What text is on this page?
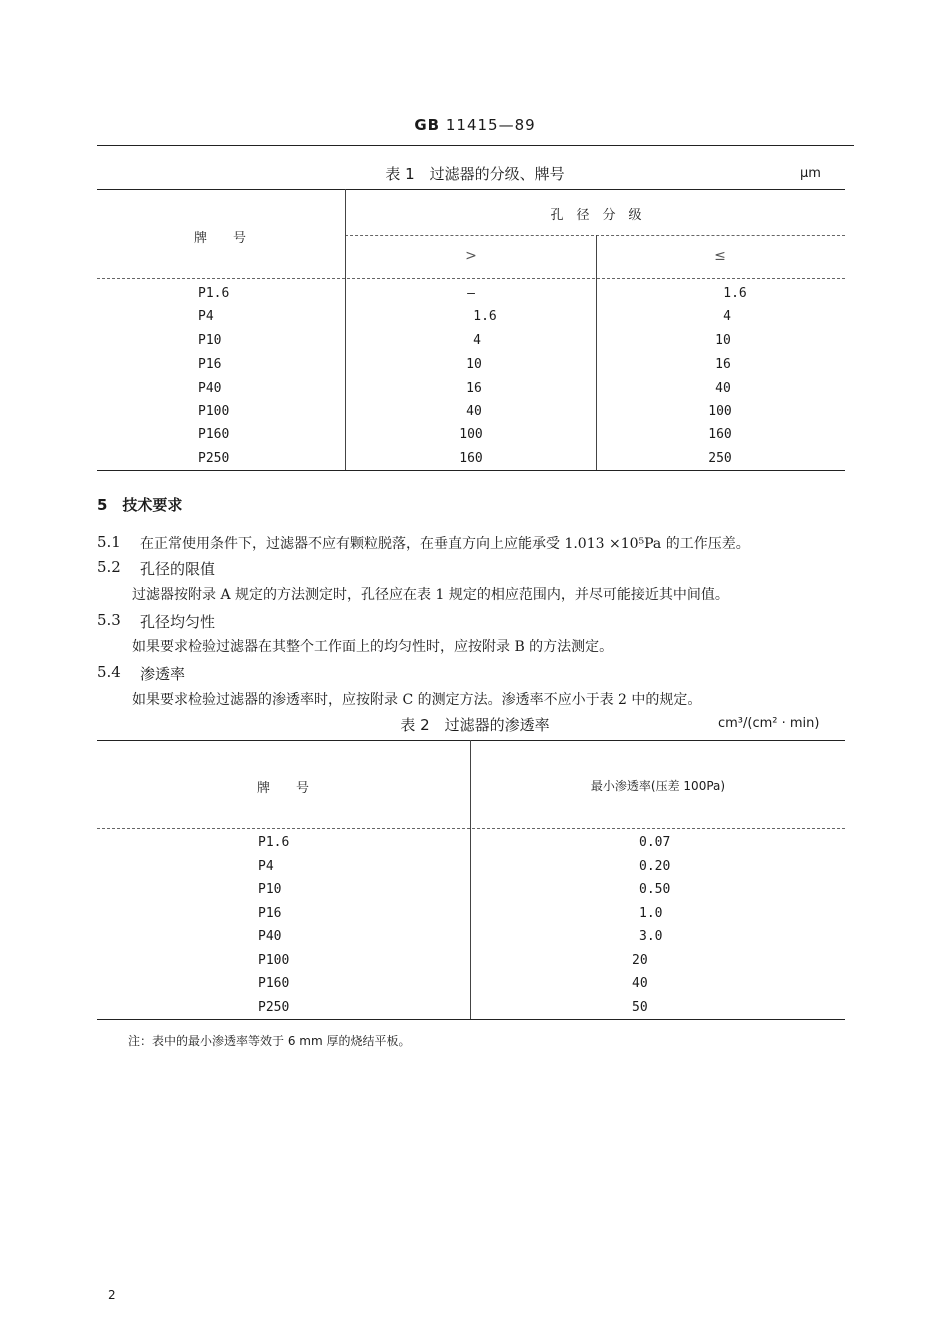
GB 11415—89
表 1　过滤器的分级、牌号	μm
牌　　号
孔　径　分　级
>	≤
P1.6	–	1.6
P4	1.6	4
P10	4	10
P16	10	16
P40	16	40
P100	40	100
P160	100	160
P250	160	250
5　技术要求
5.1 在正常使用条件下，过滤器不应有颗粒脱落，在垂直方向上应能承受 1.013 ×10⁵Pa 的工作压差。
5.2 孔径的限值
过滤器按附录 A 规定的方法测定时，孔径应在表 1 规定的相应范围内，并尽可能接近其中间值。
5.3 孔径均匀性
如果要求检验过滤器在其整个工作面上的均匀性时，应按附录 B 的方法测定。
5.4 渗透率
如果要求检验过滤器的渗透率时，应按附录 C 的测定方法。渗透率不应小于表 2 中的规定。
表 2　过滤器的渗透率	cm³/(cm² · min)
牌　　号	最小渗透率(压差 100Pa)
P1.6	0.07
P4	0.20
P10	0.50
P16	1.0
P40	3.0
P100	20
P160	40
P250	50
注：表中的最小渗透率等效于 6 mm 厚的烧结平板。
2
